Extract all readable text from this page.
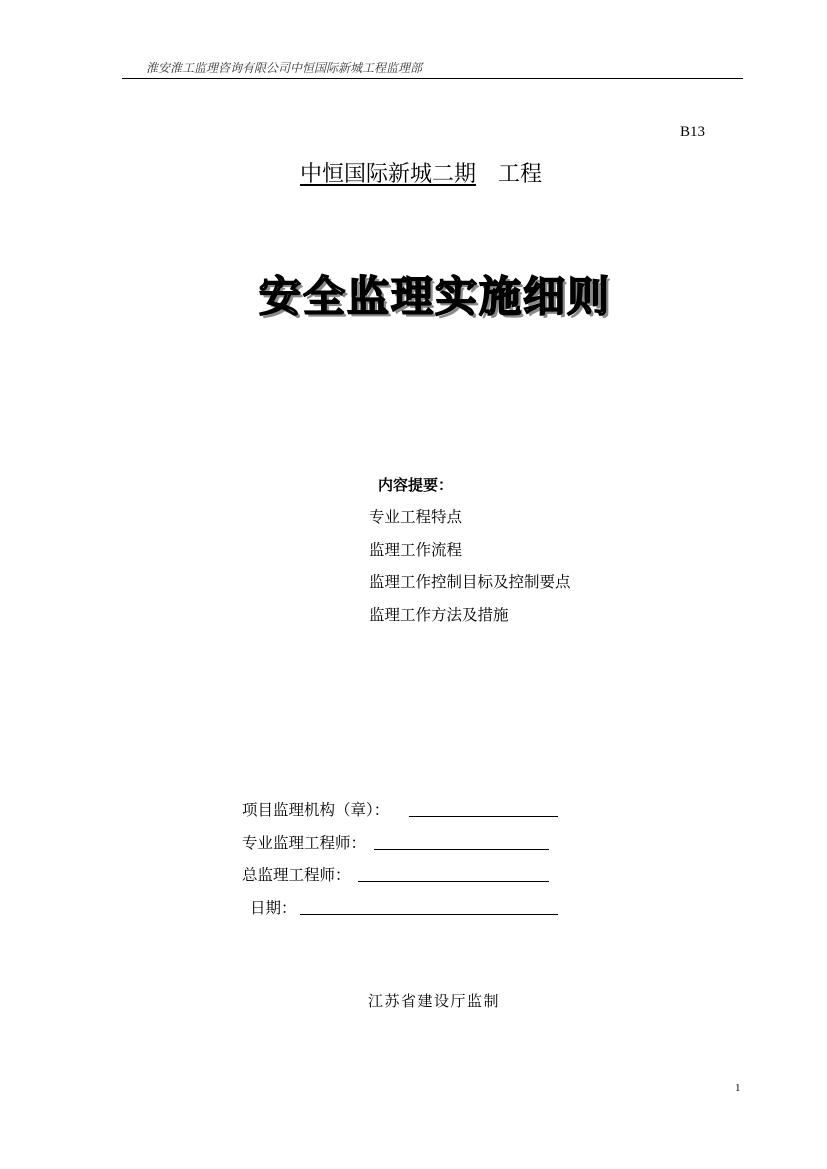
淮安淮工监理咨询有限公司中恒国际新城工程监理部
B13
中恒国际新城二期 工程
安全监理实施细则
内容提要：
专业工程特点
监理工作流程
监理工作控制目标及控制要点
监理工作方法及措施
项目监理机构（章）：
专业监理工程师：
总监理工程师：
日期：
江苏省建设厅监制
1
